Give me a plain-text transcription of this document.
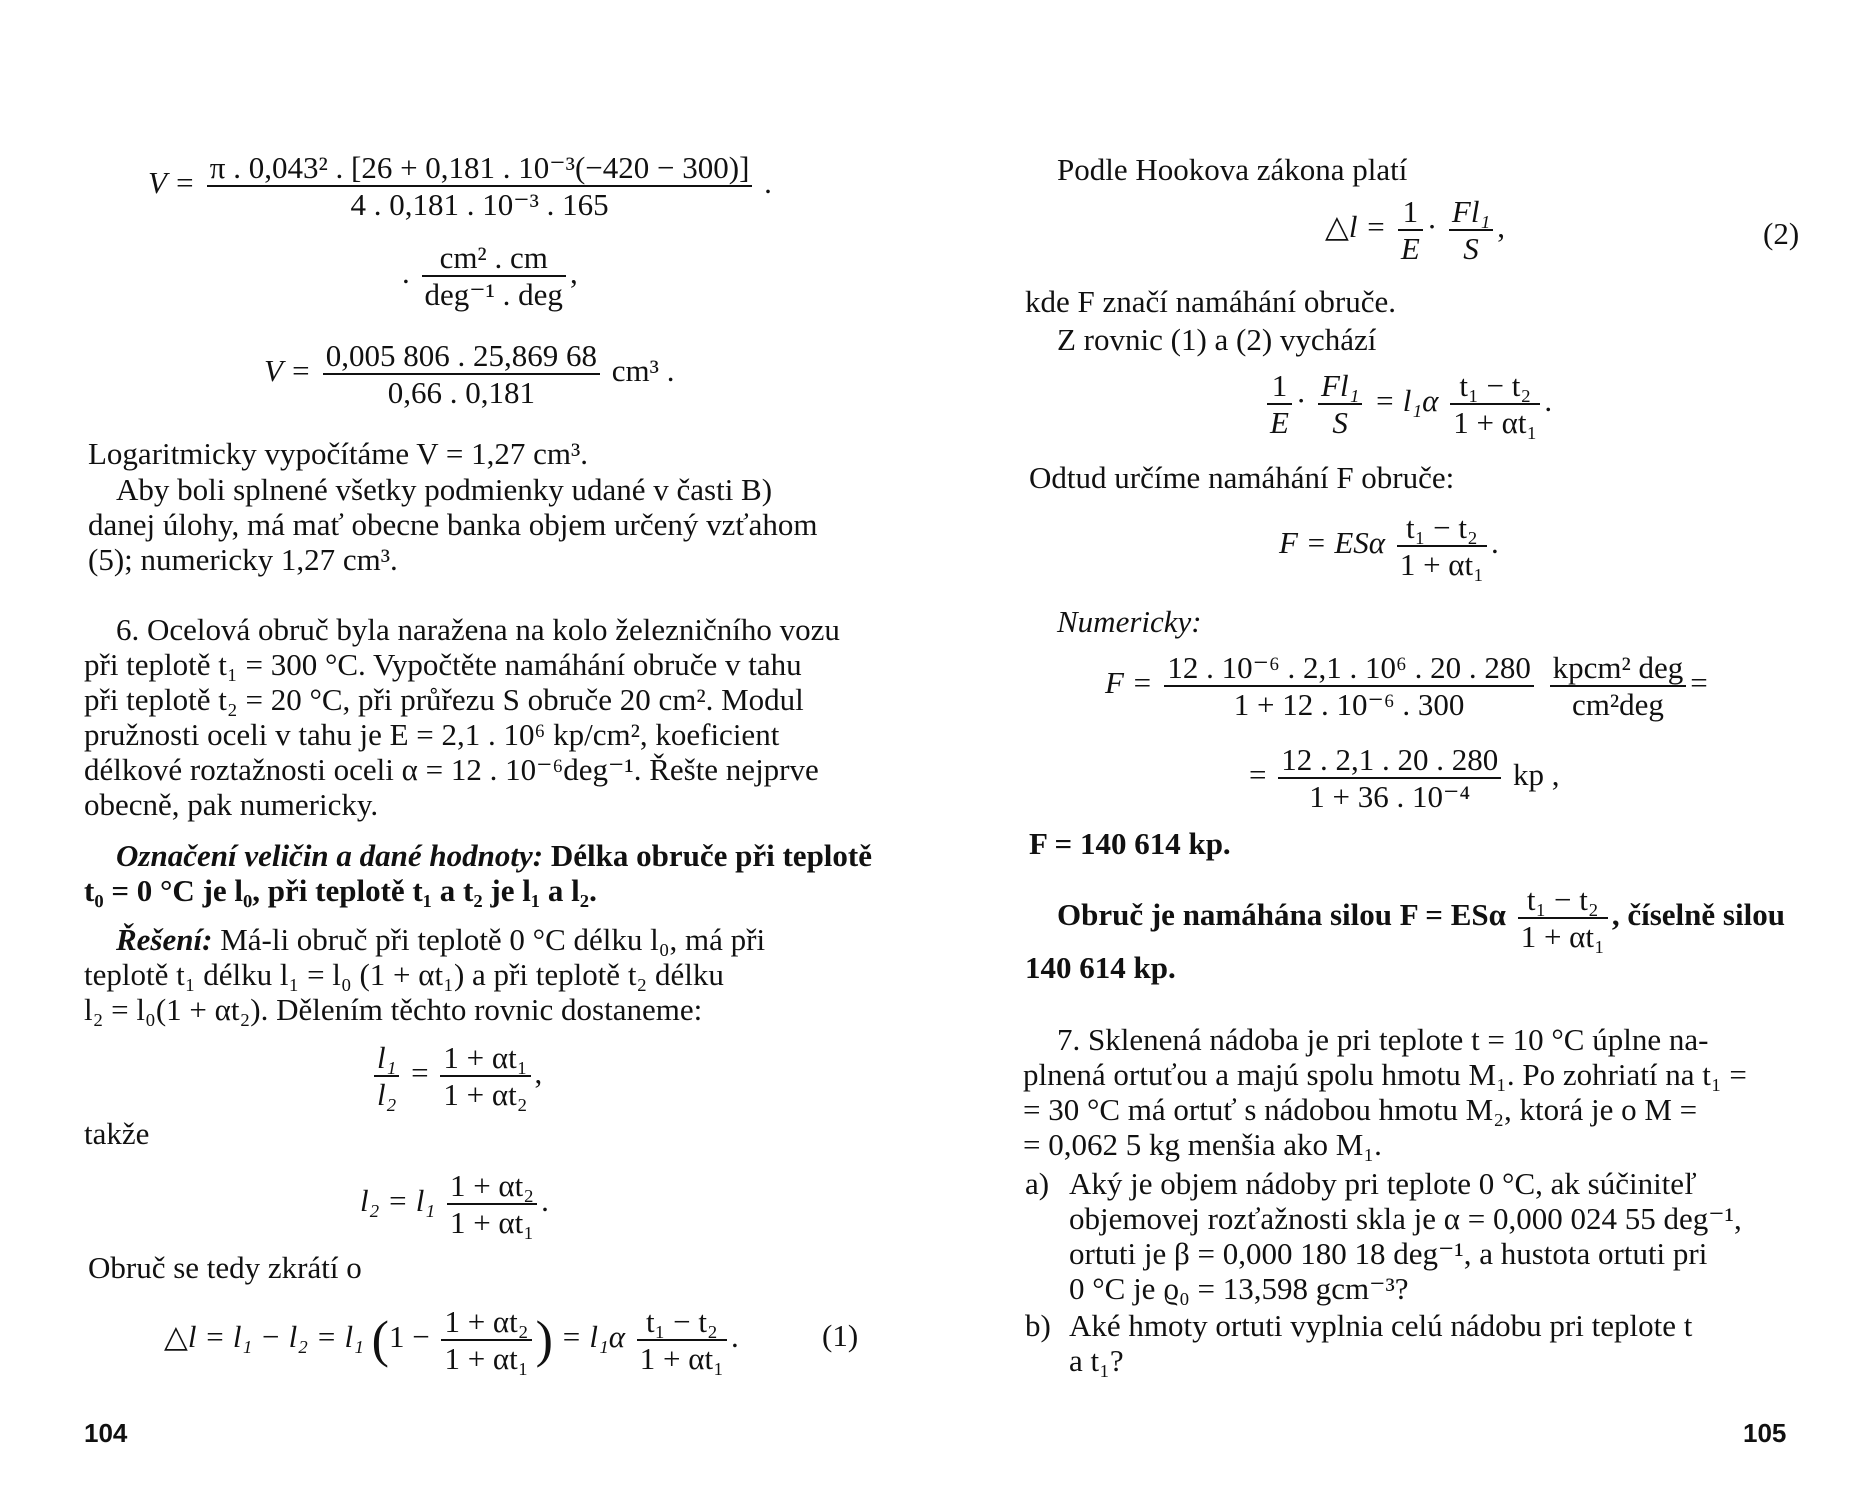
$V = \frac{\text{π . 0,043² . [26 + 0,181 . 10⁻³(−420 − 300)]}}{\text{4 . 0,181 . 10⁻³ . 165}}$ .
. $\frac{\text{cm² . cm}}{\text{deg⁻¹ . deg}}$ ,
$V = \frac{0,005 806 . 25,869 68}{0,66 . 0,181} cm^3$ .
Logaritmicky vypočítáme V = 1,27 cm³.
Aby boli splnené všetky podmienky udané v časti B)
danej úlohy, má mať obecne banka objem určený vzťahom
(5); numericky 1,27 cm³.
6. Ocelová obruč byla naražena na kolo železničního vozu
při teplotě t₁ = 300 °C. Vypočtěte namáhání obruče v tahu
při teplotě t₂ = 20 °C, při průřezu S obruče 20 cm². Modul
pružnosti oceli v tahu je E = 2,1 . 10⁶ kp/cm², koeficient
délkové roztažnosti oceli α = 12 . 10⁻⁶deg⁻¹. Řešte nejprve
obecně, pak numericky.
Označení veličin a dané hodnoty: Délka obruče při teplotě
t₀ = 0 °C je l₀, při teplotě t₁ a t₂ je l₁ a l₂.
Řešení: Má-li obruč při teplotě 0 °C délku l₀, má při
teplotě t₁ délku l₁ = l₀ (1 + αt₁) a při teplotě t₂ délku
l₂ = l₀(1 + αt₂). Dělením těchto rovnic dostaneme:
$\frac{\text{l₁}}{\text{l₂}} = \frac{\text{1 + αt₁}}{\text{1 + αt₂}}$ ,
takže
$l_2 = l_1 \frac{\text{1 + αt₂}}{\text{1 + αt₁}}$ .
Obruč se tedy zkrátí o
△l = l₁ − l₂ = l₁ ($1 - \frac{\text{1 + αt₂}}{\text{1 + αt₁}}$ ) = $l_1\alpha \frac{\text{t₁ − t₂}}{\text{1 + αt₁}}$ .	(1)
104
Podle Hookova zákona platí
△l = $\frac{1}{E} \cdot \frac{\text{Fl₁}}{S}$ ,	(2)
kde F značí namáhání obruče.
Z rovnic (1) a (2) vychází
$\frac{1}{E} \cdot \frac{\text{Fl₁}}{S} = l_1\alpha \frac{\text{t₁ − t₂}}{\text{1 + αt₁}}$ .
Odtud určíme namáhání F obruče:
F = ESα $\frac{\text{t₁ − t₂}}{\text{1 + αt₁}}$ .
Numericky:
$F = \frac{\text{12 . 10⁻⁶ . 2,1 . 10⁶ . 20 . 280}}{\text{1 + 12 . 10⁻⁶ . 300}}$
$\frac{\text{kpcm² deg}}{\text{cm²deg}}$ =
= $\frac{12 . 2,1 . 20 . 280}{\text{1 + 36 . 10⁻⁴}}$ kp ,
F = 140 614 kp.
Obruč je namáhána silou F = ESα $\frac{\text{t₁ − t₂}}{\text{1 + αt₁}}$ , číselně silou
140 614 kp.
7. Sklenená nádoba je pri teplote t = 10 °C úplne na-
plnená ortuťou a majú spolu hmotu M₁. Po zohriatí na t₁ =
= 30 °C má ortuť s nádobou hmotu M₂, ktorá je o M =
= 0,062 5 kg menšia ako M₁.
a) Aký je objem nádoby pri teplote 0 °C, ak súčiniteľ
objemovej rozťažnosti skla je α = 0,000 024 55 deg⁻¹,
ortuti je β = 0,000 180 18 deg⁻¹, a hustota ortuti pri
0 °C je ϱ₀ = 13,598 gcm⁻³?
b) Aké hmoty ortuti vyplnia celú nádobu pri teplote t
a t₁?
105
